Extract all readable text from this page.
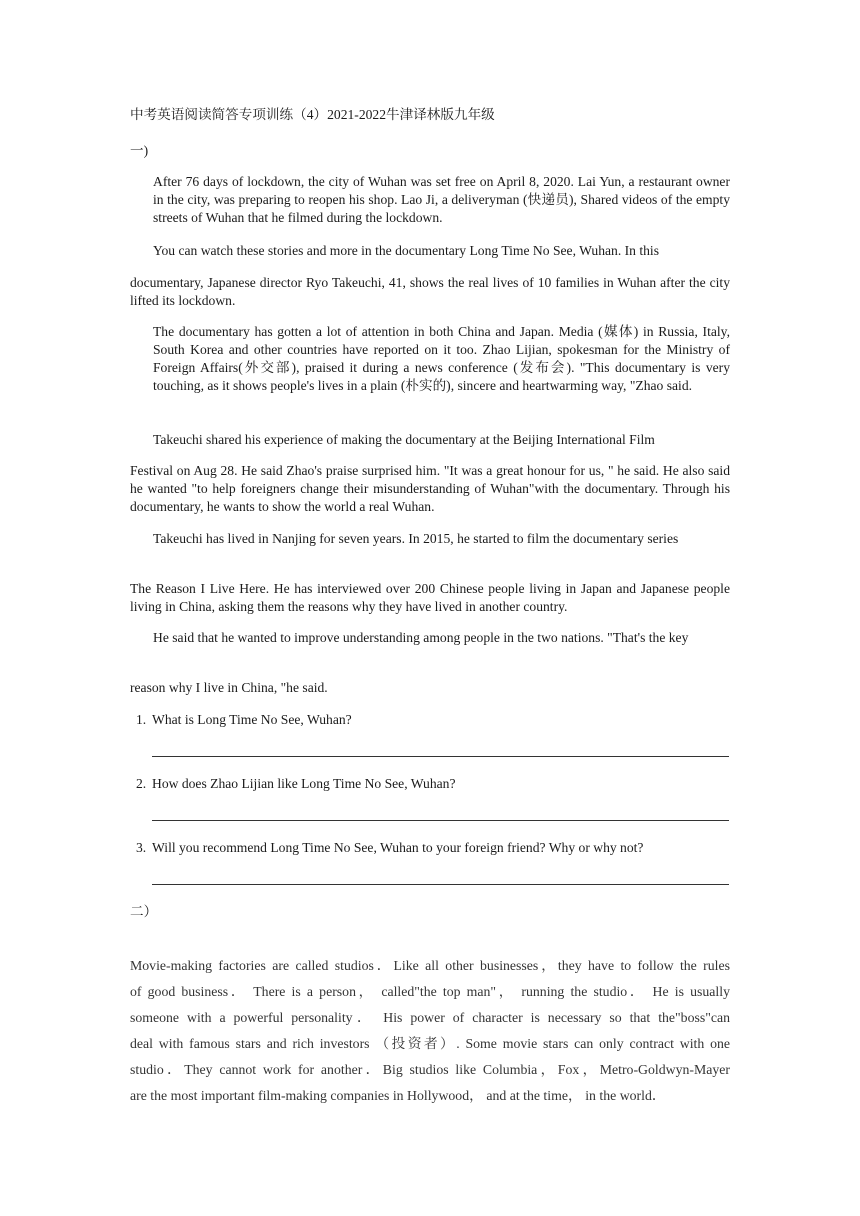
中考英语阅读简答专项训练（4）2021-2022牛津译林版九年级
一)

After 76 days of lockdown, the city of Wuhan was set free on April 8, 2020. Lai Yun, a restaurant owner in the city, was preparing to reopen his shop. Lao Ji, a deliveryman (快递员), Shared videos of the empty streets of Wuhan that he filmed during the lockdown.

You can watch these stories and more in the documentary Long Time No See, Wuhan. In this

documentary, Japanese director Ryo Takeuchi, 41, shows the real lives of 10 families in Wuhan after the city lifted its lockdown.

The documentary has gotten a lot of attention in both China and Japan. Media (媒体) in Russia, Italy, South Korea and other countries have reported on it too. Zhao Lijian, spokesman for the Ministry of Foreign Affairs(外交部), praised it during a news conference (发布会). "This documentary is very touching, as it shows people's lives in a plain (朴实的), sincere and heartwarming way, "Zhao said.

Takeuchi shared his experience of making the documentary at the Beijing International Film

Festival on Aug 28. He said Zhao's praise surprised him. "It was a great honour for us, " he said. He also said he wanted "to help foreigners change their misunderstanding of Wuhan"with the documentary. Through his documentary, he wants to show the world a real Wuhan.

Takeuchi has lived in Nanjing for seven years. In 2015, he started to film the documentary series

The Reason I Live Here. He has interviewed over 200 Chinese people living in Japan and Japanese people living in China, asking them the reasons why they have lived in another country.

He said that he wanted to improve understanding among people in the two nations. "That's the key

reason why I live in China, "he said.

1. What is Long Time No See, Wuhan?
2. How does Zhao Lijian like Long Time No See, Wuhan?
3. Will you recommend Long Time No See, Wuhan to your foreign friend? Why or why not?
二）
Movie-making factories are called studios．Like all other businesses，they have to follow the rules
of good business． There is a person， called"the top man"， running the studio． He is usually
someone with a powerful personality． His power of character is necessary so that the"boss"can
deal with famous stars and rich investors （投资者）. Some movie stars can only contract with one
studio．They cannot work for another．Big studios like Columbia，Fox，Metro-Goldwyn-Mayer
are the most important film-making companies in Hollywood， and at the time， in the world．
